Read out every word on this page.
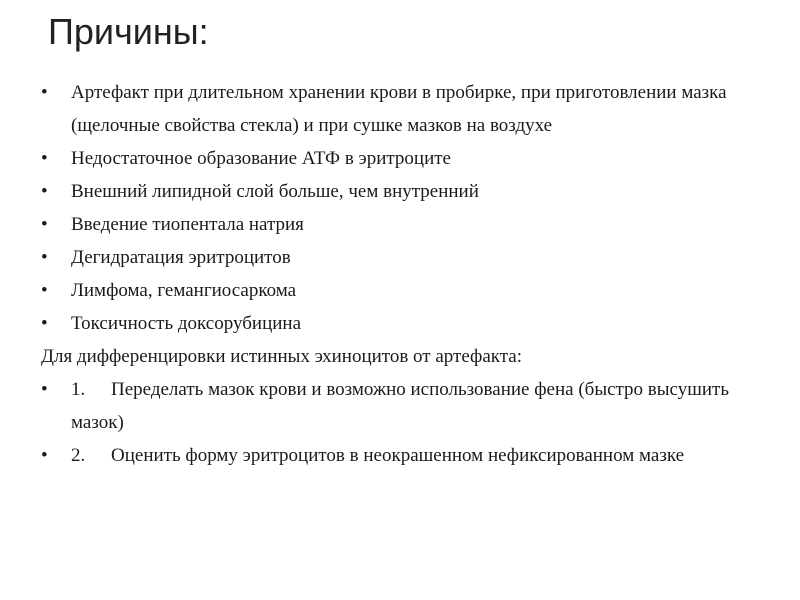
Причины:
• Артефакт при длительном хранении крови в пробирке, при приготовлении мазка (щелочные свойства стекла) и при сушке мазков на воздухе
• Недостаточное образование АТФ в эритроците
• Внешний липидной слой больше, чем внутренний
• Введение тиопентала натрия
• Дегидратация эритроцитов
• Лимфома, гемангиосаркома
• Токсичность доксорубицина
Для дифференцировки истинных эхиноцитов от артефакта:
• 1. Переделать мазок крови и возможно использование фена (быстро высушить мазок)
• 2. Оценить форму эритроцитов в неокрашенном нефиксированном мазке
